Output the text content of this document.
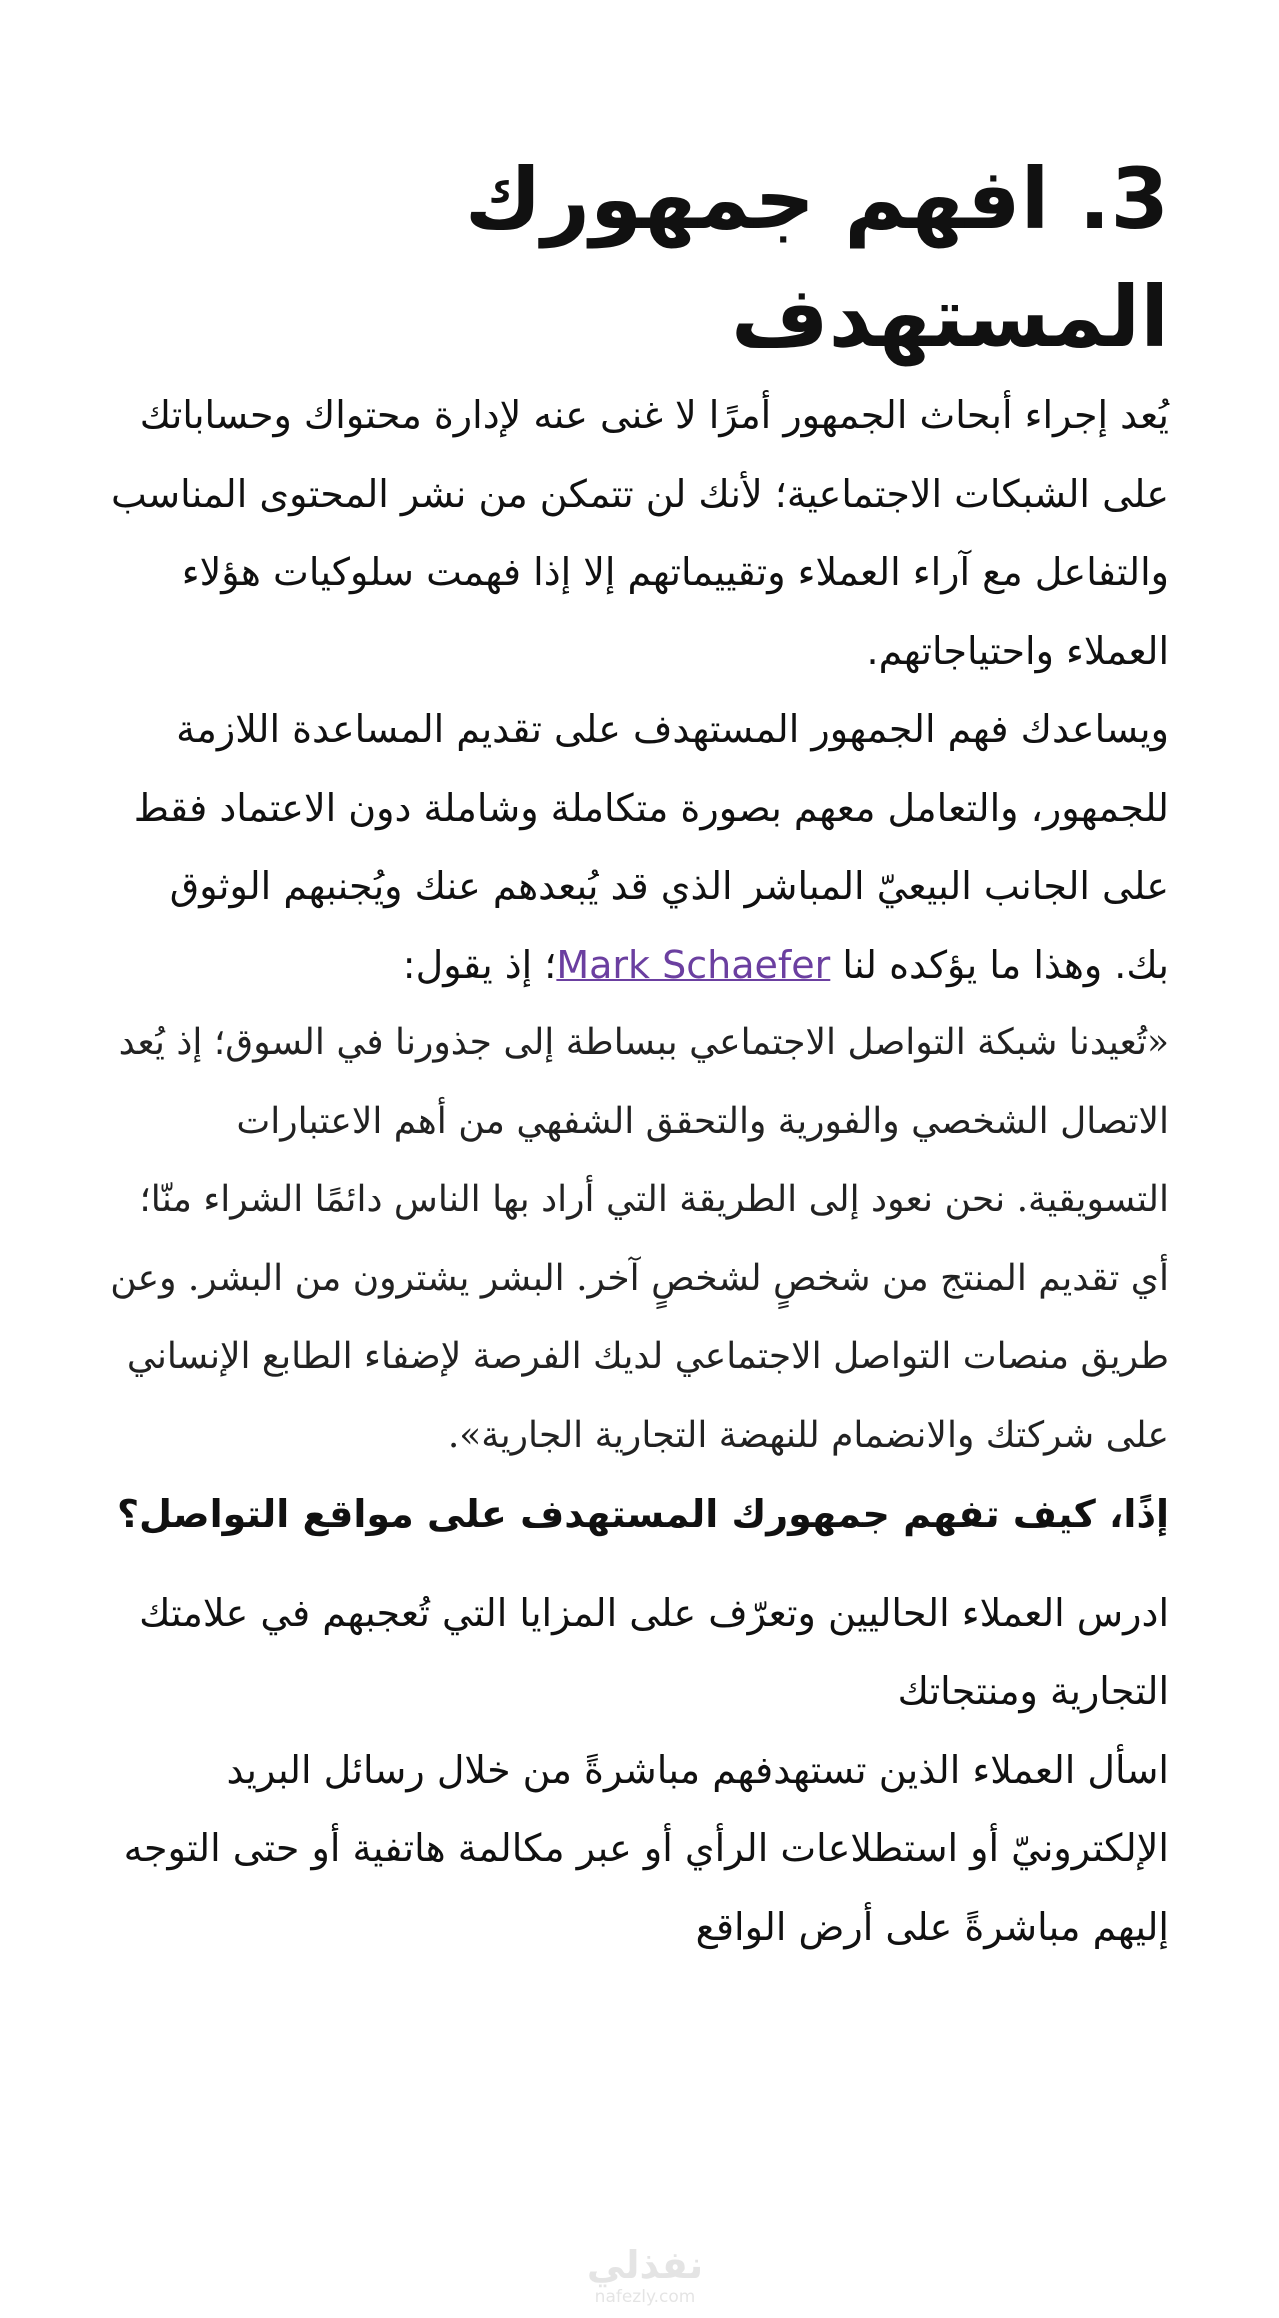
3. افهم جمهورك المستهدف

يُعد إجراء أبحاث الجمهور أمرًا لا غنى عنه لإدارة محتواك وحساباتك على الشبكات الاجتماعية؛ لأنك لن تتمكن من نشر المحتوى المناسب والتفاعل مع آراء العملاء وتقييماتهم إلا إذا فهمت سلوكيات هؤلاء العملاء واحتياجاتهم.

ويساعدك فهم الجمهور المستهدف على تقديم المساعدة اللازمة للجمهور، والتعامل معهم بصورة متكاملة وشاملة دون الاعتماد فقط على الجانب البيعيّ المباشر الذي قد يُبعدهم عنك ويُجنبهم الوثوق بك. وهذا ما يؤكده لنا Mark Schaefer؛ إذ يقول:

«تُعيدنا شبكة التواصل الاجتماعي ببساطة إلى جذورنا في السوق؛ إذ يُعد الاتصال الشخصي والفورية والتحقق الشفهي من أهم الاعتبارات التسويقية. نحن نعود إلى الطريقة التي أراد بها الناس دائمًا الشراء منّا؛ أي تقديم المنتج من شخصٍ لشخصٍ آخر. البشر يشترون من البشر. وعن طريق منصات التواصل الاجتماعي لديك الفرصة لإضفاء الطابع الإنساني على شركتك والانضمام للنهضة التجارية الجارية».

إذًا، كيف تفهم جمهورك المستهدف على مواقع التواصل؟

ادرس العملاء الحاليين وتعرّف على المزايا التي تُعجبهم في علامتك التجارية ومنتجاتك

اسأل العملاء الذين تستهدفهم مباشرةً من خلال رسائل البريد الإلكترونيّ أو استطلاعات الرأي أو عبر مكالمة هاتفية أو حتى التوجه إليهم مباشرةً على أرض الواقع

نفذلي
nafezly.com
